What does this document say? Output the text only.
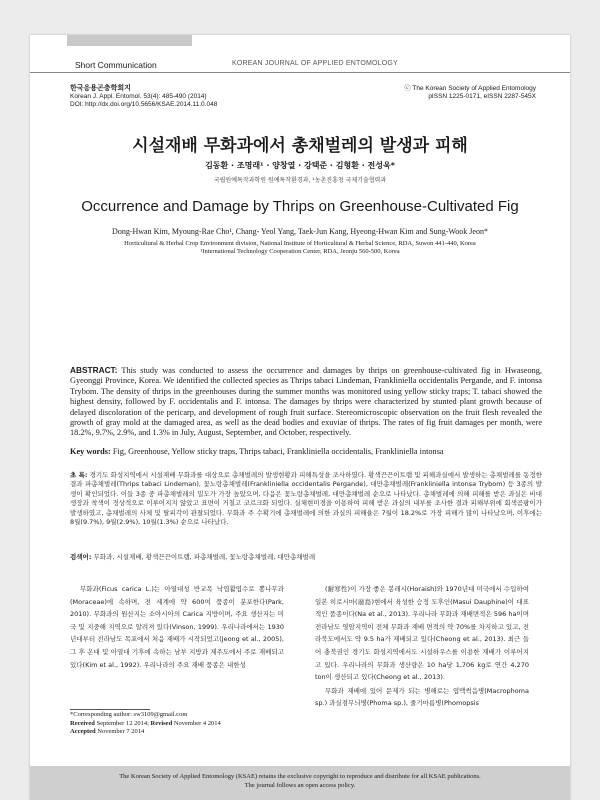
Short Communication	KOREAN JOURNAL OF APPLIED ENTOMOLOGY
한국응용곤충학회지
Korean J. Appl. Entomol. 53(4): 485-490 (2014)
DOI: http://dx.doi.org/10.5656/KSAE.2014.11.0.048
ⓒ The Korean Society of Applied Entomology
pISSN 1225-0171, eISSN 2287-545X
시설재배 무화과에서 총채벌레의 발생과 피해
김동환 · 조명래¹ · 양창열 · 강택준 · 김형환 · 전성욱*
국립원예특작과학원 원예특작환경과, ¹농촌진흥청 국제기술협력과
Occurrence and Damage by Thrips on Greenhouse-Cultivated Fig
Dong-Hwan Kim, Myoung-Rae Cho¹, Chang- Yeol Yang, Taek-Jun Kang, Hyeong-Hwan Kim and Sung-Wook Jeon*
Horticultural & Herbal Crop Environment division, National Institute of Horticultural & Herbal Science, RDA, Suwon 441-440, Korea
¹International Technology Cooperation Center, RDA, Jeonju 560-500, Korea
ABSTRACT: This study was conducted to assess the occurrence and damages by thrips on greenhouse-cultivated fig in Hwaseong, Gyeonggi Province, Korea. We identified the collected species as Thrips tabaci Lindeman, Frankliniella occidentalis Pergande, and F. intonsa Trybom. The density of thrips in the greenhouses during the summer months was monitored using yellow sticky traps; T. tabaci showed the highest density, followed by F. occidentalis and F. intonsa. The damages by thrips were characterized by stunted plant growth because of delayed discoloration of the pericarp, and development of rough fruit surface. Stereomicroscopic observation on the fruit flesh revealed the growth of gray mold at the damaged area, as well as the dead bodies and exuviae of thrips. The rates of fig fruit damages per month, were 18.2%, 9.7%, 2.9%, and 1.3% in July, August, September, and October, respectively.
Key words: Fig, Greenhouse, Yellow sticky traps, Thrips tabaci, Frankliniella occidentalis, Frankliniella intonsa
초 록: 경기도 화성지역에서 시설재배 무화과를 대상으로 총채벌레의 발생현황과 피해특성을 조사하였다. 황색끈끈이트랩 및 피해과실에서 발생하는 총채벌레를 동정한 결과 파총채벌레(Thrips tabaci Lindeman), 꽃노랑총채벌레(Frankliniella occidentalis Pergande), 대만총채벌레(Frankliniella intonsa Trybom) 등 3종의 발생이 확인되었다. 이들 3종 중 파총채벌레의 밀도가 가장 높았으며, 다음은 꽃노랑총채벌레, 대만총채벌레 순으로 나타났다. 총채벌레에 의해 피해를 받은 과실은 비대생장과 착색이 정상적으로 이루어지지 않았고 표면이 거칠고 코르크화 되었다. 실체현미경을 이용하여 피해 받은 과실의 내부를 조사한 결과 피해부위에 회색곰팡이가 발생하였고, 총채벌레의 사체 및 탈피각이 관찰되었다. 무화과 주 수확기에 총채벌레에 의한 과실의 피해율은 7월이 18.2%로 가장 피해가 많이 나타났으며, 이후에는 8월(9.7%), 9월(2.9%), 10월(1.3%) 순으로 나타났다.
검색어: 무화과, 시설재배, 황색끈끈이트랩, 파총채벌레, 꽃노랑총채벌레, 대만총채벌레

무화과(Ficus carica L.)는 아열대성 반교목 낙엽활엽수로 뽕나무과(Moraceae)에 속하며, 전 세계에 약 600여 품종이 분포한다(Park, 2010). 무화과의 원산지는 소아시아의 Carica 지방이며, 주요 생산지는 미국 및 지중해 지역으로 알려져 있다(Vinson, 1999). 우리나라에서는 1930년대부터 전라남도 목포에서 처음 재배가 시작되었고(Jeong et al., 2005), 그 후 온대 및 아열대 기후에 속하는 남부 지방과 제주도에서 주로 재배되고 있다(Kim et al., 1992). 우리나라의 주요 재배 품종은 내한성

(耐寒性)이 가장 좋은 봉래시(Horaish)와 1970년대 미국에서 수입하여 일본 히로시마(廣島)현에서 육성한 승정 도후인(Masui Dauphine)이 대표적인 품종이다(Na et al., 2013). 우리나라 무화과 재배면적은 596 ha이며 전라남도 영암지역이 전체 무화과 재배 면적의 약 70%를 차지하고 있고, 전라북도에서도 약 9.5 ha가 재배되고 있다(Cheong et al., 2013). 최근 들어 충북권인 경기도 화성지역에서도 시설하우스를 이용한 재배가 이루어지고 있다. 우리나라의 무화과 생산량은 10 ha당 1,706 kg로 연간 4,270 ton이 생산되고 있다(Cheong et al., 2013).

무화과 재배에 있어 문제가 되는 병해로는 엽맥썩음병(Macrophoma sp.) 과실점무늬병(Phoma sp.), 줄기마름병(Phomopsis

*Corresponding author: sw3109@gmail.com
Received September 12 2014; Revised November 4 2014
Accepted November 7 2014
The Korean Society of Applied Entomology (KSAE) retains the exclusive copyright to reproduce and distribute for all KSAE publications.
The journal follows an open access policy.
